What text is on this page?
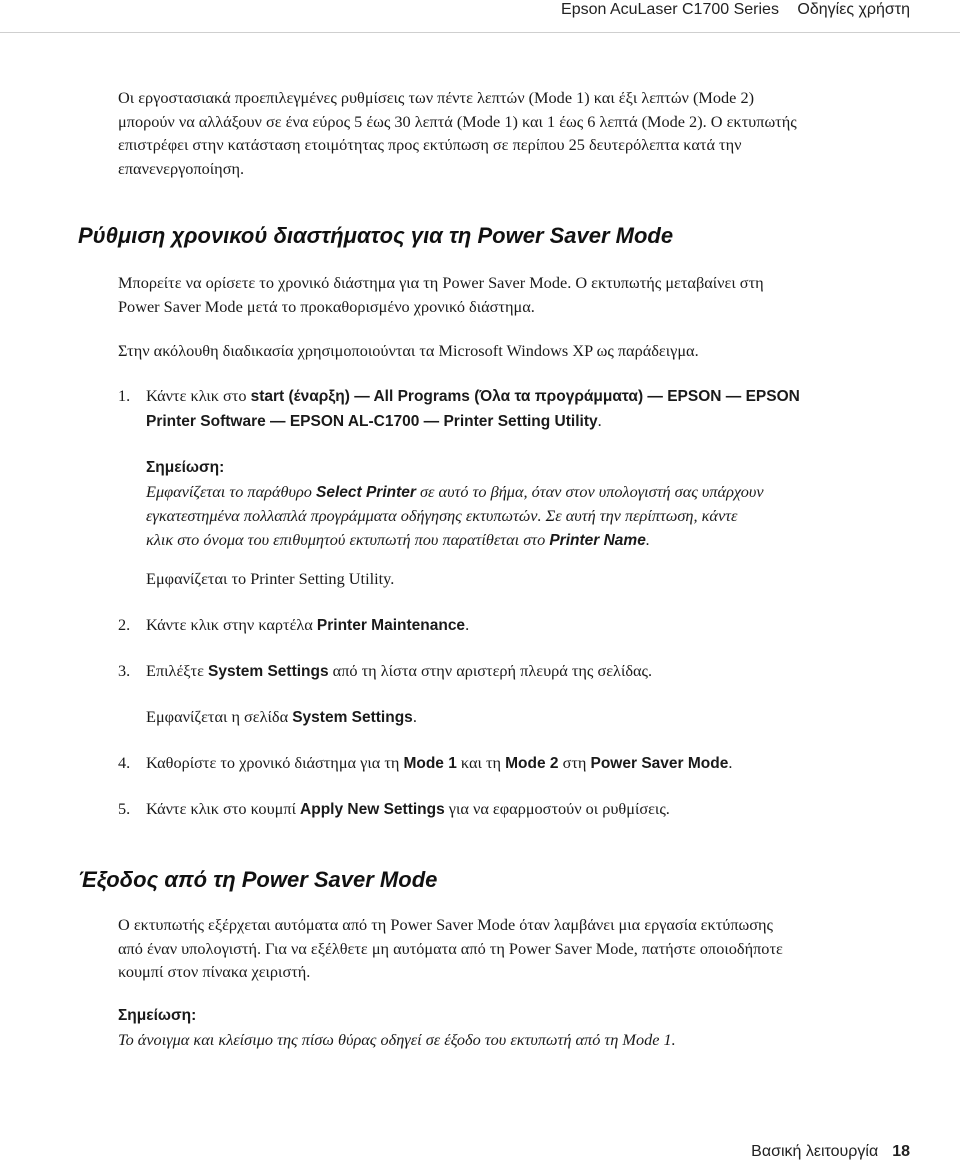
Epson AcuLaser C1700 Series Οδηγίες χρήστη

Οι εργοστασιακά προεπιλεγμένες ρυθμίσεις των πέντε λεπτών (Mode 1) και έξι λεπτών (Mode 2)
μπορούν να αλλάξουν σε ένα εύρος 5 έως 30 λεπτά (Mode 1) και 1 έως 6 λεπτά (Mode 2). Ο εκτυπωτής
επιστρέφει στην κατάσταση ετοιμότητας προς εκτύπωση σε περίπου 25 δευτερόλεπτα κατά την
επανενεργοποίηση.

Ρύθμιση χρονικού διαστήματος για τη Power Saver Mode

Μπορείτε να ορίσετε το χρονικό διάστημα για τη Power Saver Mode. Ο εκτυπωτής μεταβαίνει στη
Power Saver Mode μετά το προκαθορισμένο χρονικό διάστημα.

Στην ακόλουθη διαδικασία χρησιμοποιούνται τα Microsoft Windows XP ως παράδειγμα.

1. Κάντε κλικ στο start (έναρξη) — All Programs (Όλα τα προγράμματα) — EPSON — EPSON
Printer Software — EPSON AL-C1700 — Printer Setting Utility.
Σημείωση:
Εμφανίζεται το παράθυρο Select Printer σε αυτό το βήμα, όταν στον υπολογιστή σας υπάρχουν
εγκατεστημένα πολλαπλά προγράμματα οδήγησης εκτυπωτών. Σε αυτή την περίπτωση, κάντε
κλικ στο όνομα του επιθυμητού εκτυπωτή που παρατίθεται στο Printer Name.

Εμφανίζεται το Printer Setting Utility.

2. Κάντε κλικ στην καρτέλα Printer Maintenance.
3. Επιλέξτε System Settings από τη λίστα στην αριστερή πλευρά της σελίδας.

Εμφανίζεται η σελίδα System Settings.

4. Καθορίστε το χρονικό διάστημα για τη Mode 1 και τη Mode 2 στη Power Saver Mode.
5. Κάντε κλικ στο κουμπί Apply New Settings για να εφαρμοστούν οι ρυθμίσεις.
Έξοδος από τη Power Saver Mode

Ο εκτυπωτής εξέρχεται αυτόματα από τη Power Saver Mode όταν λαμβάνει μια εργασία εκτύπωσης
από έναν υπολογιστή. Για να εξέλθετε μη αυτόματα από τη Power Saver Mode, πατήστε οποιοδήποτε
κουμπί στον πίνακα χειριστή.

Σημείωση:
Το άνοιγμα και κλείσιμο της πίσω θύρας οδηγεί σε έξοδο του εκτυπωτή από τη Mode 1.
Βασική λειτουργία 18
